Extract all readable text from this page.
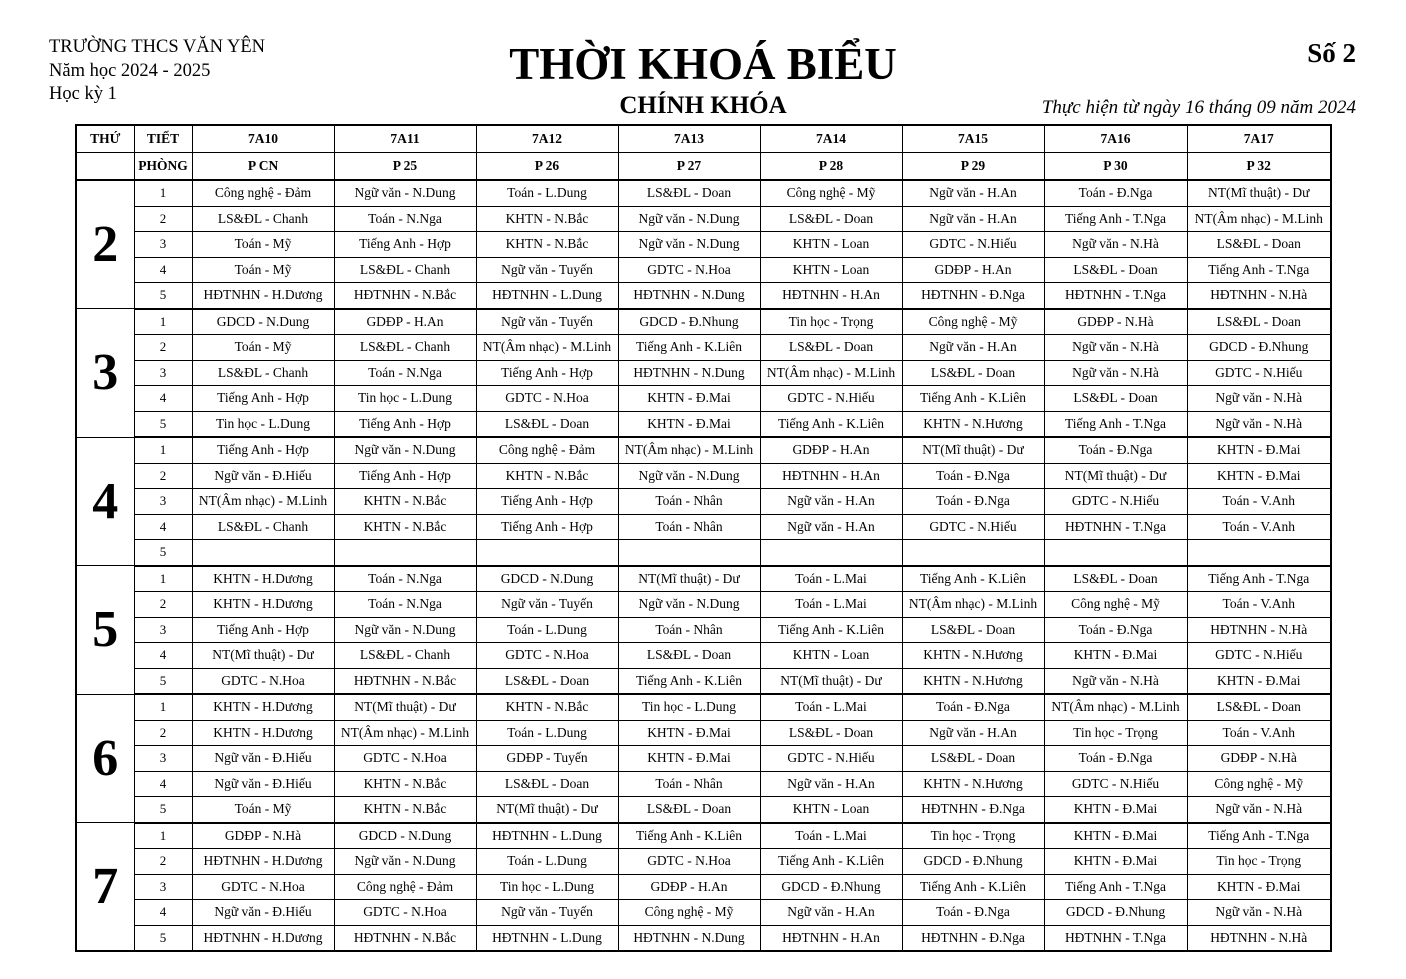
TRƯỜNG THCS VĂN YÊN
Năm học 2024 - 2025
Học kỳ 1
THỜI KHOÁ BIỂU
CHÍNH KHÓA
Số 2
Thực hiện từ ngày 16 tháng 09 năm 2024
THỨ	TIẾT	7A10	7A11	7A12	7A13	7A14	7A15	7A16	7A17
	PHÒNG	P CN	P 25	P 26	P 27	P 28	P 29	P 30	P 32
2	1	Công nghệ - Đảm	Ngữ văn - N.Dung	Toán - L.Dung	LS&ĐL - Doan	Công nghệ - Mỹ	Ngữ văn - H.An	Toán - Đ.Nga	NT(Mĩ thuật) - Dư
	2	LS&ĐL - Chanh	Toán - N.Nga	KHTN - N.Bắc	Ngữ văn - N.Dung	LS&ĐL - Doan	Ngữ văn - H.An	Tiếng Anh - T.Nga	NT(Âm nhạc) - M.Linh
	3	Toán - Mỹ	Tiếng Anh - Hợp	KHTN - N.Bắc	Ngữ văn - N.Dung	KHTN - Loan	GDTC - N.Hiếu	Ngữ văn - N.Hà	LS&ĐL - Doan
	4	Toán - Mỹ	LS&ĐL - Chanh	Ngữ văn - Tuyến	GDTC - N.Hoa	KHTN - Loan	GDĐP - H.An	LS&ĐL - Doan	Tiếng Anh - T.Nga
	5	HĐTNHN - H.Dương	HĐTNHN - N.Bắc	HĐTNHN - L.Dung	HĐTNHN - N.Dung	HĐTNHN - H.An	HĐTNHN - Đ.Nga	HĐTNHN - T.Nga	HĐTNHN - N.Hà
3	1	GDCD - N.Dung	GDĐP - H.An	Ngữ văn - Tuyến	GDCD - Đ.Nhung	Tin học - Trọng	Công nghệ - Mỹ	GDĐP - N.Hà	LS&ĐL - Doan
	2	Toán - Mỹ	LS&ĐL - Chanh	NT(Âm nhạc) - M.Linh	Tiếng Anh - K.Liên	LS&ĐL - Doan	Ngữ văn - H.An	Ngữ văn - N.Hà	GDCD - Đ.Nhung
	3	LS&ĐL - Chanh	Toán - N.Nga	Tiếng Anh - Hợp	HĐTNHN - N.Dung	NT(Âm nhạc) - M.Linh	LS&ĐL - Doan	Ngữ văn - N.Hà	GDTC - N.Hiếu
	4	Tiếng Anh - Hợp	Tin học - L.Dung	GDTC - N.Hoa	KHTN - Đ.Mai	GDTC - N.Hiếu	Tiếng Anh - K.Liên	LS&ĐL - Doan	Ngữ văn - N.Hà
	5	Tin học - L.Dung	Tiếng Anh - Hợp	LS&ĐL - Doan	KHTN - Đ.Mai	Tiếng Anh - K.Liên	KHTN - N.Hương	Tiếng Anh - T.Nga	Ngữ văn - N.Hà
4	1	Tiếng Anh - Hợp	Ngữ văn - N.Dung	Công nghệ - Đảm	NT(Âm nhạc) - M.Linh	GDĐP - H.An	NT(Mĩ thuật) - Dư	Toán - Đ.Nga	KHTN - Đ.Mai
	2	Ngữ văn - Đ.Hiếu	Tiếng Anh - Hợp	KHTN - N.Bắc	Ngữ văn - N.Dung	HĐTNHN - H.An	Toán - Đ.Nga	NT(Mĩ thuật) - Dư	KHTN - Đ.Mai
	3	NT(Âm nhạc) - M.Linh	KHTN - N.Bắc	Tiếng Anh - Hợp	Toán - Nhân	Ngữ văn - H.An	Toán - Đ.Nga	GDTC - N.Hiếu	Toán - V.Anh
	4	LS&ĐL - Chanh	KHTN - N.Bắc	Tiếng Anh - Hợp	Toán - Nhân	Ngữ văn - H.An	GDTC - N.Hiếu	HĐTNHN - T.Nga	Toán - V.Anh
	5								
5	1	KHTN - H.Dương	Toán - N.Nga	GDCD - N.Dung	NT(Mĩ thuật) - Dư	Toán - L.Mai	Tiếng Anh - K.Liên	LS&ĐL - Doan	Tiếng Anh - T.Nga
	2	KHTN - H.Dương	Toán - N.Nga	Ngữ văn - Tuyến	Ngữ văn - N.Dung	Toán - L.Mai	NT(Âm nhạc) - M.Linh	Công nghệ - Mỹ	Toán - V.Anh
	3	Tiếng Anh - Hợp	Ngữ văn - N.Dung	Toán - L.Dung	Toán - Nhân	Tiếng Anh - K.Liên	LS&ĐL - Doan	Toán - Đ.Nga	HĐTNHN - N.Hà
	4	NT(Mĩ thuật) - Dư	LS&ĐL - Chanh	GDTC - N.Hoa	LS&ĐL - Doan	KHTN - Loan	KHTN - N.Hương	KHTN - Đ.Mai	GDTC - N.Hiếu
	5	GDTC - N.Hoa	HĐTNHN - N.Bắc	LS&ĐL - Doan	Tiếng Anh - K.Liên	NT(Mĩ thuật) - Dư	KHTN - N.Hương	Ngữ văn - N.Hà	KHTN - Đ.Mai
6	1	KHTN - H.Dương	NT(Mĩ thuật) - Dư	KHTN - N.Bắc	Tin học - L.Dung	Toán - L.Mai	Toán - Đ.Nga	NT(Âm nhạc) - M.Linh	LS&ĐL - Doan
	2	KHTN - H.Dương	NT(Âm nhạc) - M.Linh	Toán - L.Dung	KHTN - Đ.Mai	LS&ĐL - Doan	Ngữ văn - H.An	Tin học - Trọng	Toán - V.Anh
	3	Ngữ văn - Đ.Hiếu	GDTC - N.Hoa	GDĐP - Tuyến	KHTN - Đ.Mai	GDTC - N.Hiếu	LS&ĐL - Doan	Toán - Đ.Nga	GDĐP - N.Hà
	4	Ngữ văn - Đ.Hiếu	KHTN - N.Bắc	LS&ĐL - Doan	Toán - Nhân	Ngữ văn - H.An	KHTN - N.Hương	GDTC - N.Hiếu	Công nghệ - Mỹ
	5	Toán - Mỹ	KHTN - N.Bắc	NT(Mĩ thuật) - Dư	LS&ĐL - Doan	KHTN - Loan	HĐTNHN - Đ.Nga	KHTN - Đ.Mai	Ngữ văn - N.Hà
7	1	GDĐP - N.Hà	GDCD - N.Dung	HĐTNHN - L.Dung	Tiếng Anh - K.Liên	Toán - L.Mai	Tin học - Trọng	KHTN - Đ.Mai	Tiếng Anh - T.Nga
	2	HĐTNHN - H.Dương	Ngữ văn - N.Dung	Toán - L.Dung	GDTC - N.Hoa	Tiếng Anh - K.Liên	GDCD - Đ.Nhung	KHTN - Đ.Mai	Tin học - Trọng
	3	GDTC - N.Hoa	Công nghệ - Đảm	Tin học - L.Dung	GDĐP - H.An	GDCD - Đ.Nhung	Tiếng Anh - K.Liên	Tiếng Anh - T.Nga	KHTN - Đ.Mai
	4	Ngữ văn - Đ.Hiếu	GDTC - N.Hoa	Ngữ văn - Tuyến	Công nghệ - Mỹ	Ngữ văn - H.An	Toán - Đ.Nga	GDCD - Đ.Nhung	Ngữ văn - N.Hà
	5	HĐTNHN - H.Dương	HĐTNHN - N.Bắc	HĐTNHN - L.Dung	HĐTNHN - N.Dung	HĐTNHN - H.An	HĐTNHN - Đ.Nga	HĐTNHN - T.Nga	HĐTNHN - N.Hà
